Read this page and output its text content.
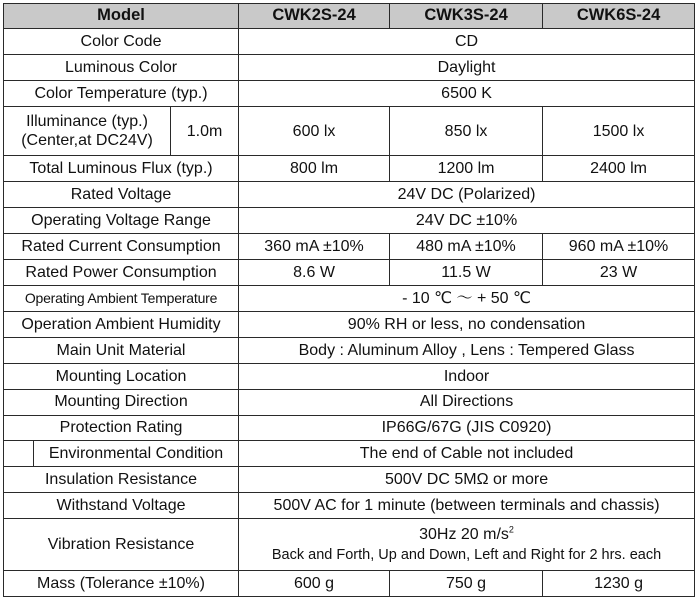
Model			CWK2S-24	CWK3S-24	CWK6S-24
Color Code			CD		
Luminous Color			Daylight		
Color Temperature (typ.)			6500 K		
Illuminance (typ.)
(Center,at DC24V)		1.0m	600 lx	850 lx	1500 lx
Total Luminous Flux (typ.)			800 lm	1200 lm	2400 lm
Rated Voltage			24V DC (Polarized)		
Operating Voltage Range			24V DC ±10%		
Rated Current Consumption			360 mA ±10%	480 mA ±10%	960 mA ±10%
Rated Power Consumption			8.6 W	11.5 W	23 W
Operating Ambient Temperature			- 10 ℃ ～ + 50 ℃		
Operation Ambient Humidity			90% RH or less, no condensation		
Main Unit Material			Body : Aluminum Alloy , Lens : Tempered Glass		
Mounting Location			Indoor		
Mounting Direction			All Directions		
Protection Rating			IP66G/67G (JIS C0920)		
	Environmental Condition		The end of Cable not included		
Insulation Resistance			500V DC 5MΩ or more		
Withstand Voltage			500V AC for 1 minute (between terminals and chassis)		
Vibration Resistance			30Hz 20 $m/s^2$
Back and Forth, Up and Down, Left and Right for 2 hrs. each		
Mass (Tolerance ±10%)			600 g	750 g	1230 g
